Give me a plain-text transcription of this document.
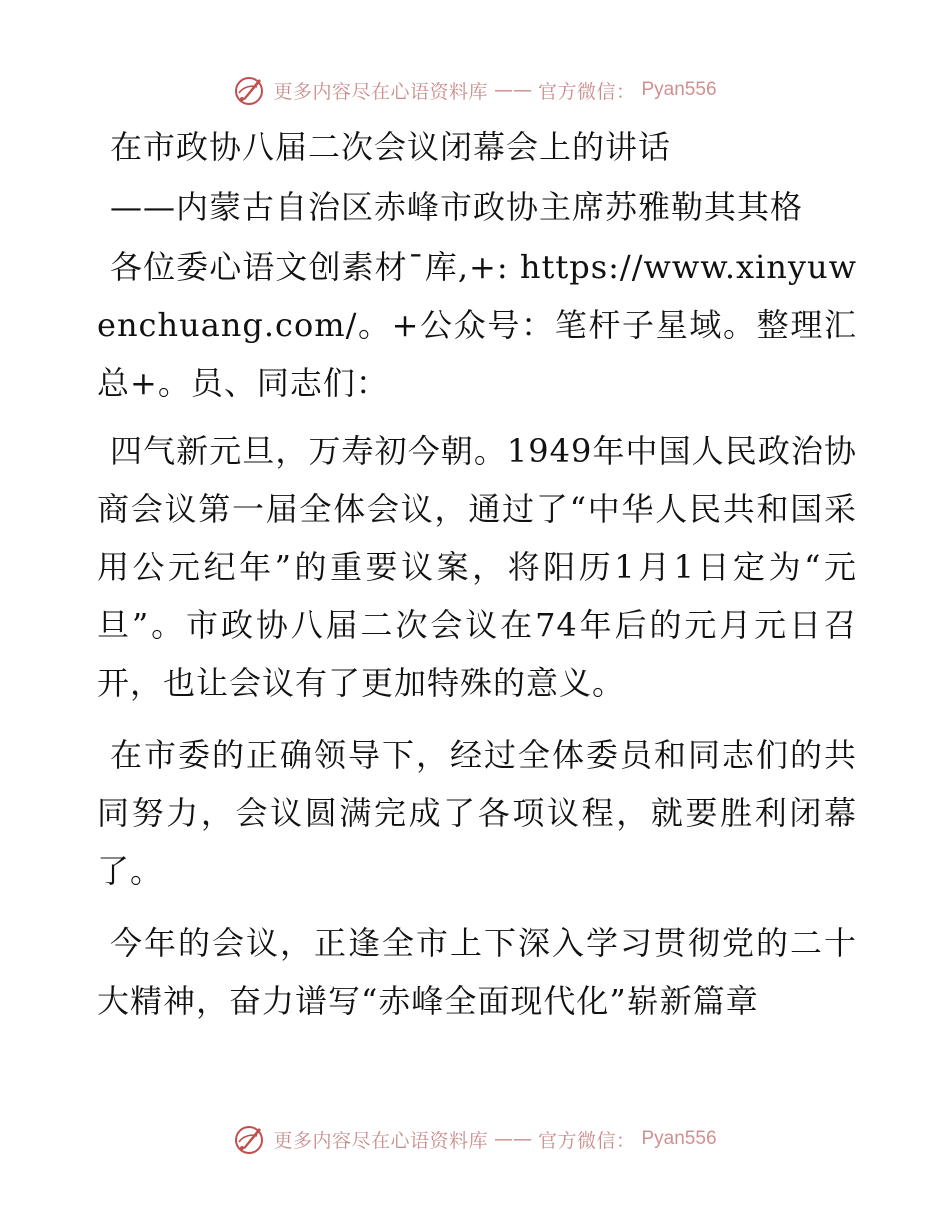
更多内容尽在心语资料库 —— 官方微信： Pyan556

在市政协八届二次会议闭幕会上的讲话

——内蒙古自治区赤峰市政协主席苏雅勒其其格

各位委心语文创素材¯库,+: https://www.xinyuwenchuang.com/。+公众号：笔杆子星域。整理汇总+。员、同志们：

四气新元旦，万寿初今朝。1949年中国人民政治协商会议第一届全体会议，通过了“中华人民共和国采用公元纪年”的重要议案，将阳历1月1日定为“元旦”。市政协八届二次会议在74年后的元月元日召开，也让会议有了更加特殊的意义。

在市委的正确领导下，经过全体委员和同志们的共同努力，会议圆满完成了各项议程，就要胜利闭幕了。

今年的会议，正逢全市上下深入学习贯彻党的二十大精神，奋力谱写“赤峰全面现代化”崭新篇章

更多内容尽在心语资料库 —— 官方微信： Pyan556
